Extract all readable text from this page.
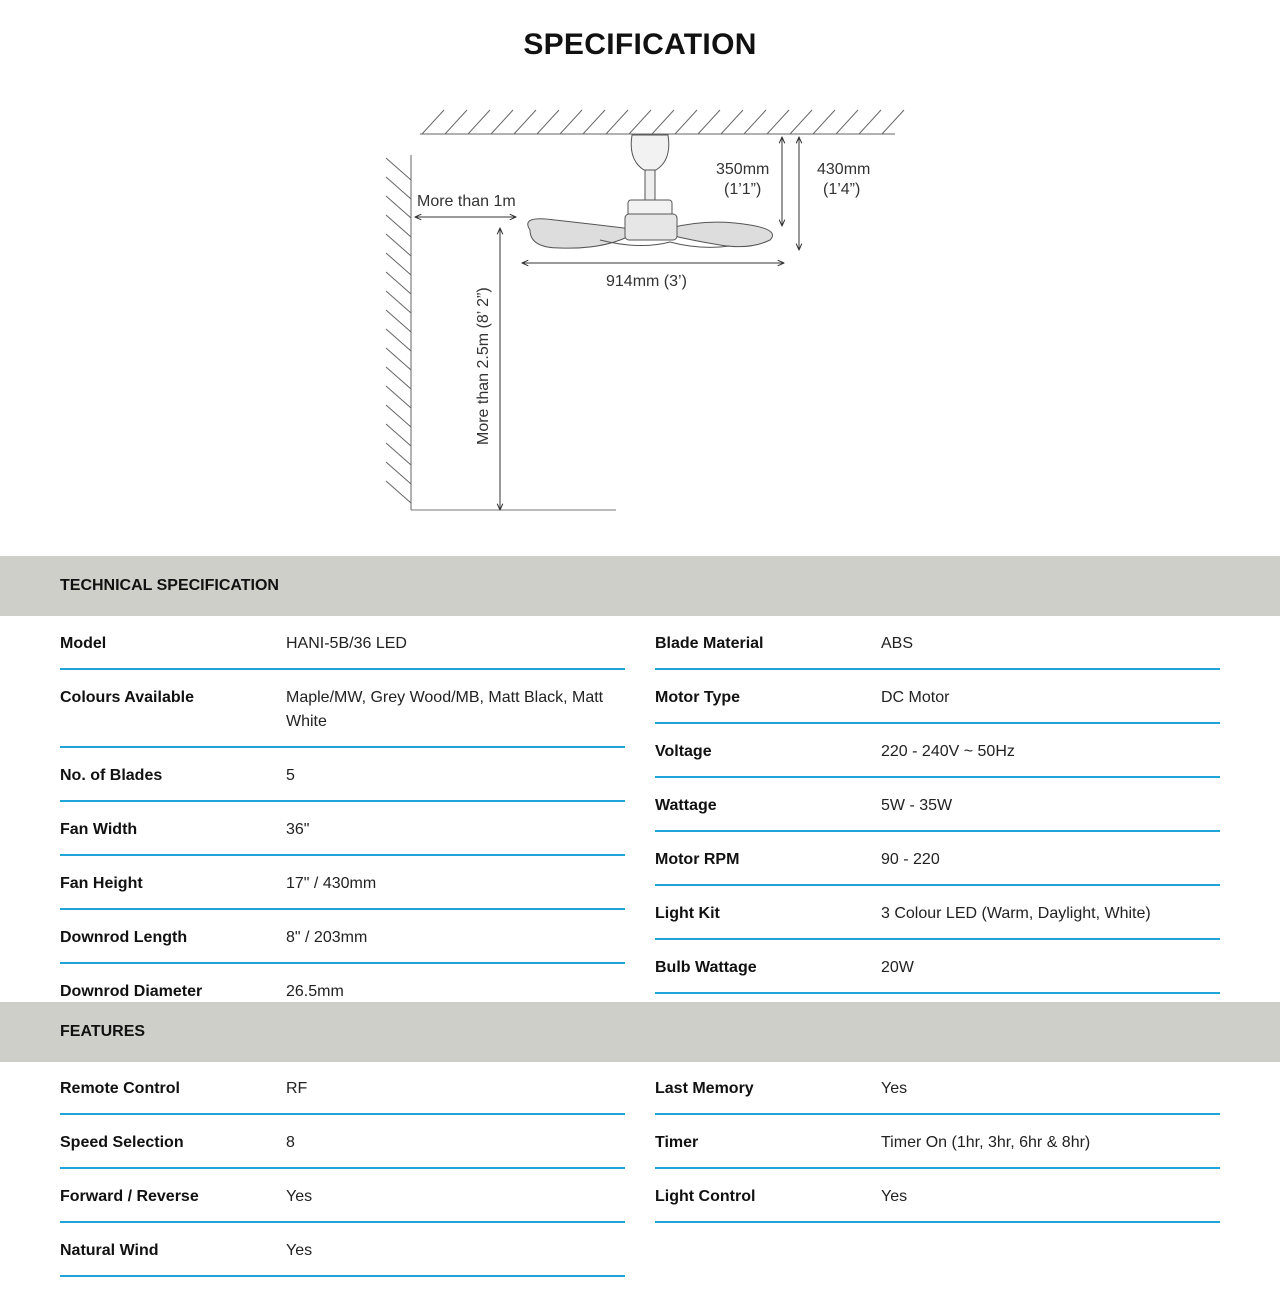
SPECIFICATION
More than 1m
More than 2.5m (8’ 2”)
350mm
(1’1”)
430mm
(1’4”)
914mm (3’)
TECHNICAL SPECIFICATION
Model	HANI-5B/36 LED
Colours Available	Maple/MW, Grey Wood/MB, Matt Black, Matt White
No. of Blades	5
Fan Width	36"
Fan Height	17" / 430mm
Downrod Length	8" / 203mm
Downrod Diameter	26.5mm
Blade Material	ABS
Motor Type	DC Motor
Voltage	220 - 240V ~ 50Hz
Wattage	5W - 35W
Motor RPM	90 - 220
Light Kit	3 Colour LED (Warm, Daylight, White)
Bulb Wattage	20W
FEATURES
Remote Control	RF
Speed Selection	8
Forward / Reverse	Yes
Natural Wind	Yes
Last Memory	Yes
Timer	Timer On (1hr, 3hr, 6hr & 8hr)
Light Control	Yes
